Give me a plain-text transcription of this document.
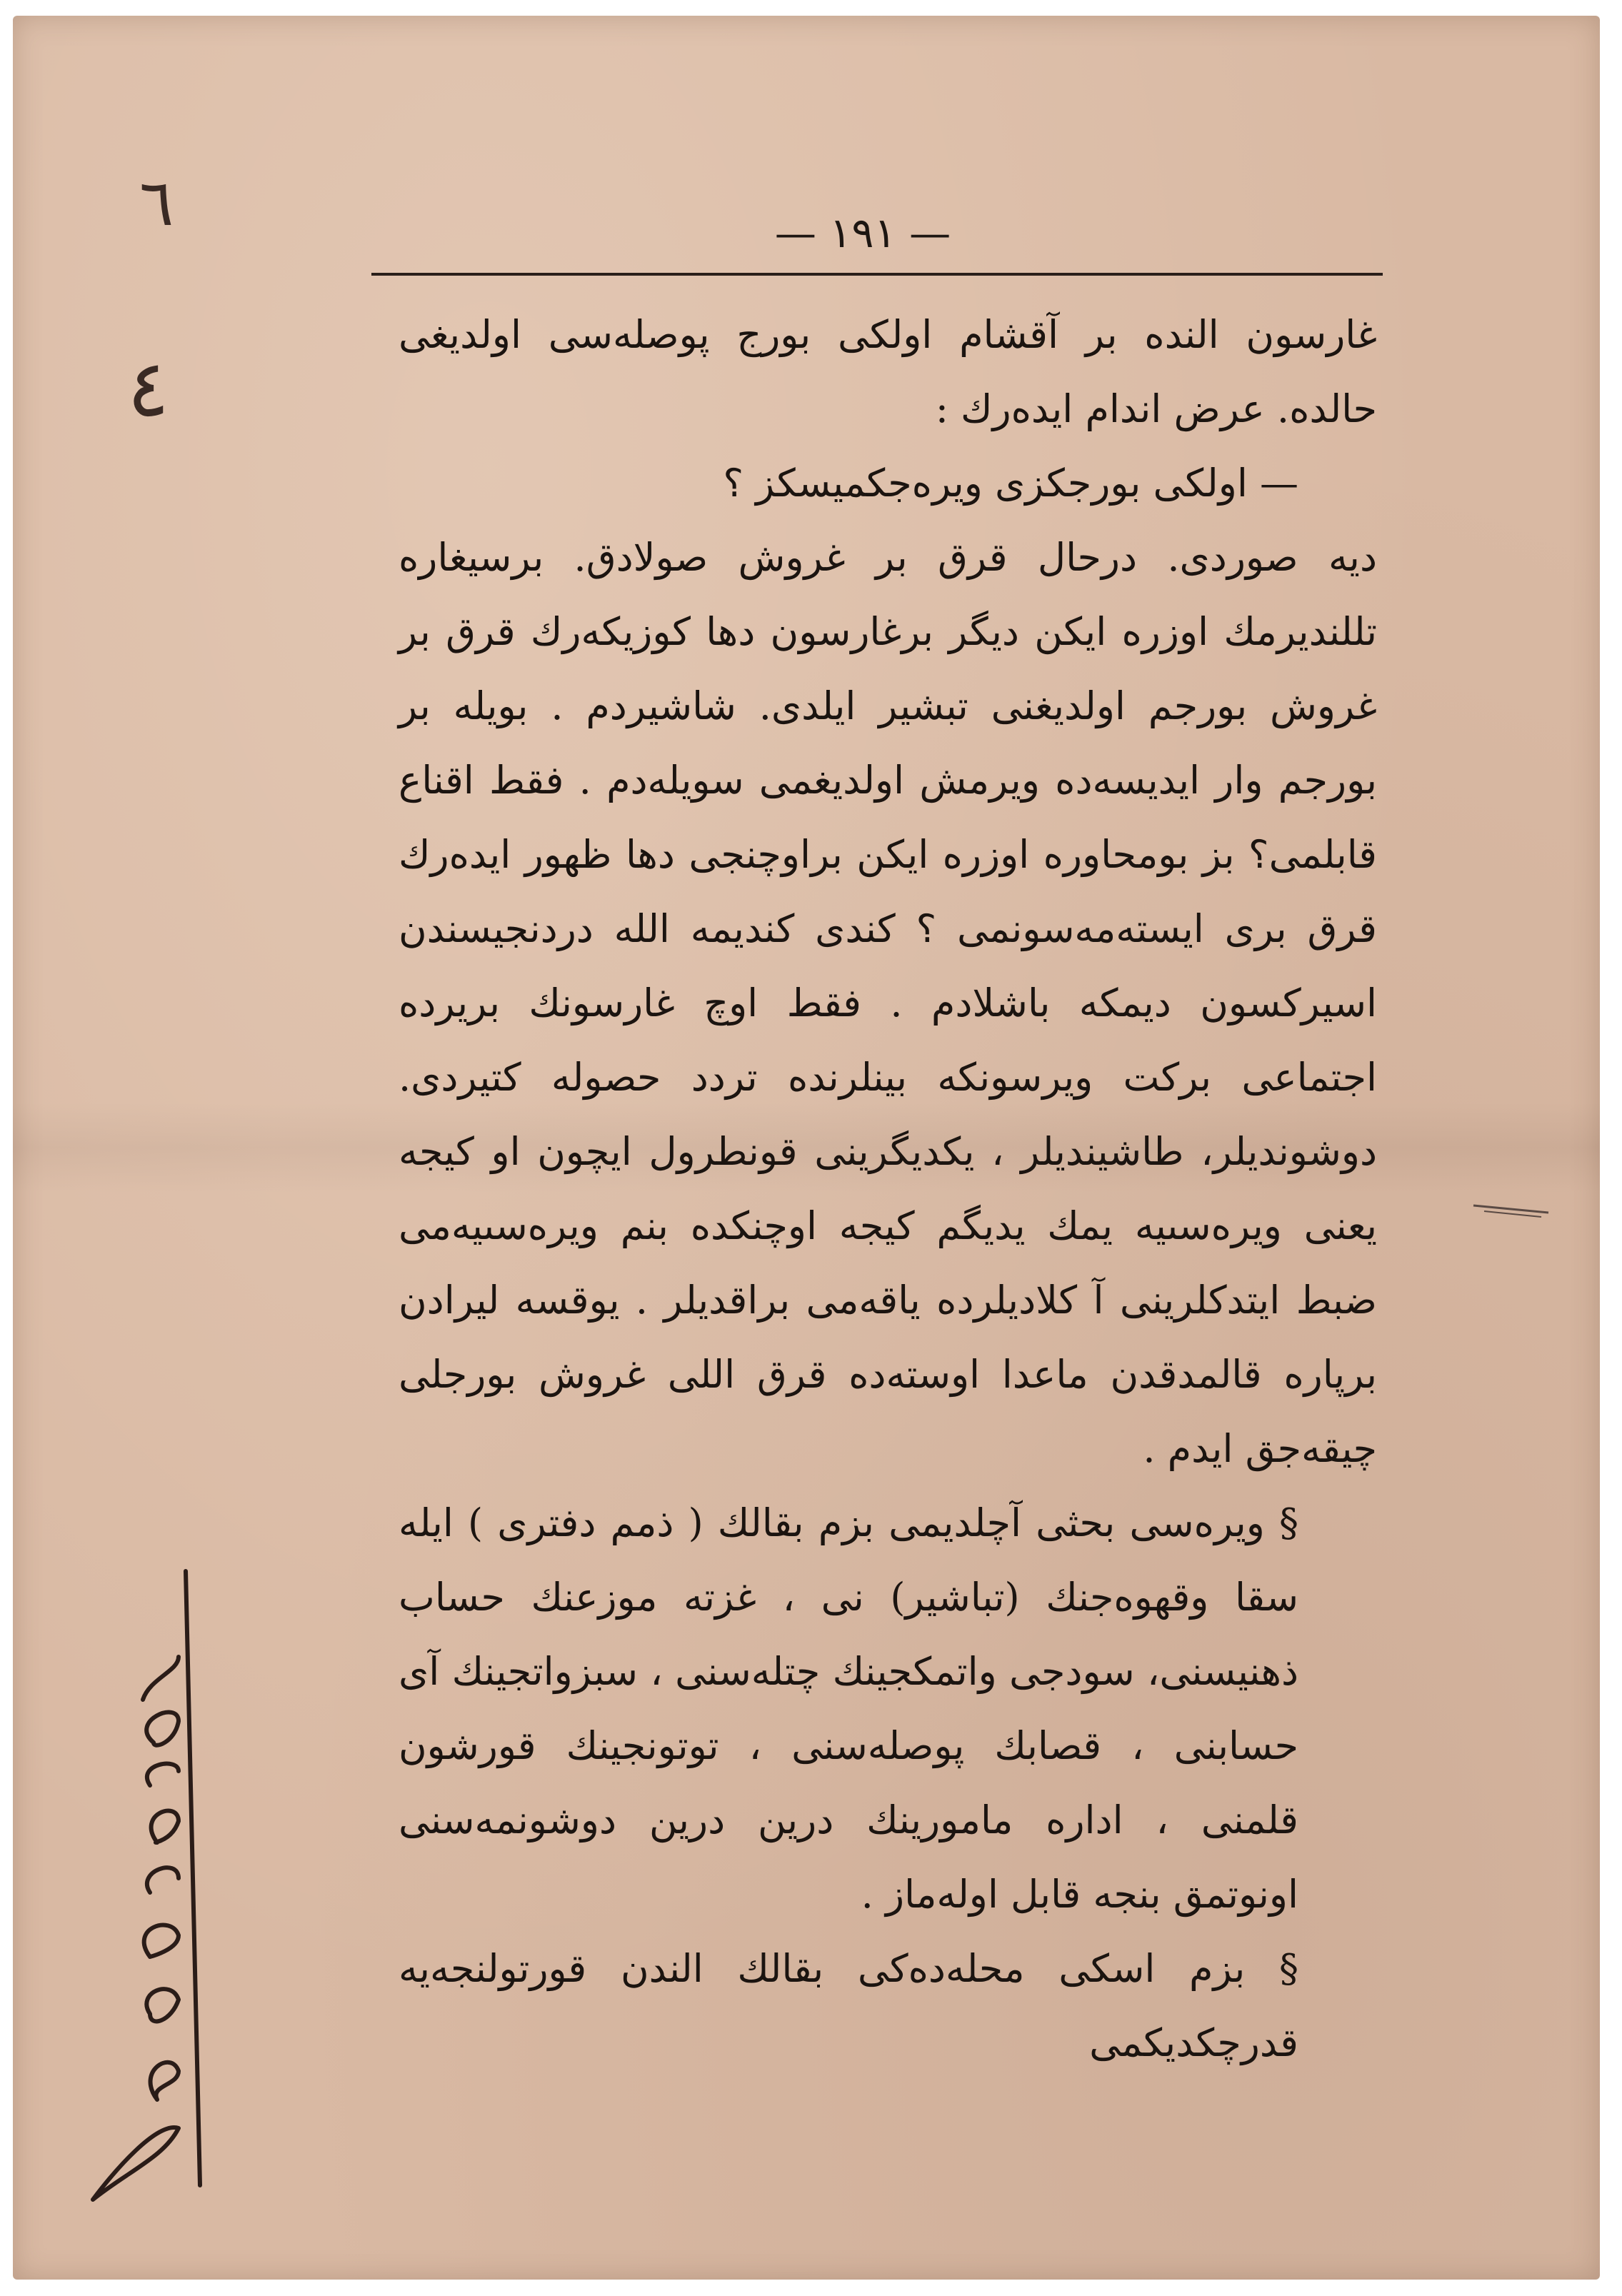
— ١٩١ —

غارسون الندە بر آقشام اولكى بورج پوصلەسى اولديغى حالدە. عرض اندام ايدەرك :

— اولكى بورجكزى ويرەجكميسكز ؟

ديە صوردى. درحال قرق بر غروش صولادق. برسيغارە تللنديرمك اوزرە ايكن ديگر برغارسون دها كوزيكەرك قرق بر غروش بورجم اولديغنى تبشير ايلدى. شاشيردم . بويلە بر بورجم وار ايديسەدە ويرمش اولديغمى سويلەدم . فقط اقناع قابلمى؟ بز بومحاورە اوزرە ايكن براوچنجى دها ظهور ايدەرك قرق برى ايستەمەسونمى ؟ كندى كنديمە الله دردنجيسندن اسيركسون ديمكە باشلادم . فقط اوچ غارسونك بريردە اجتماعى بركت ويرسونكە بينلرندە تردد حصولە كتيردى. دوشونديلر، طاشينديلر ، يكديگرينى قونطرول ايچون او كيجە يعنى ويرەسىيە يمك يديگم كيجە اوچنكدە بنم ويرەسىيەمى ضبط ايتدكلرينى آ كلاديلردە ياقەمى براقديلر . يوقسە ليرادن برپارە قالمدقدن ماعدا اوستەدە قرق اللى غروش بورجلى چيقەجق ايدم .

§ ويرەسى بحثى آچلديمى بزم بقالك ( ذمم دفترى ) ايلە سقا وقهوەجنك (تباشير) نى ، غزتە موزعنك حساب ذهنيسنى، سودجى واتمكجينك چتلەسنى ، سبزواتجينك آى حسابنى ، قصابك پوصلەسنى ، توتونجينك قورشون قلمنى ، ادارە مامورينك درين درين دوشونمەسنى اونوتمق بنجە قابل اولەماز .

§ بزم اسكى محلەدەكى بقالك الندن قورتولنجەيە قدرچكديكمى

٦
٤
